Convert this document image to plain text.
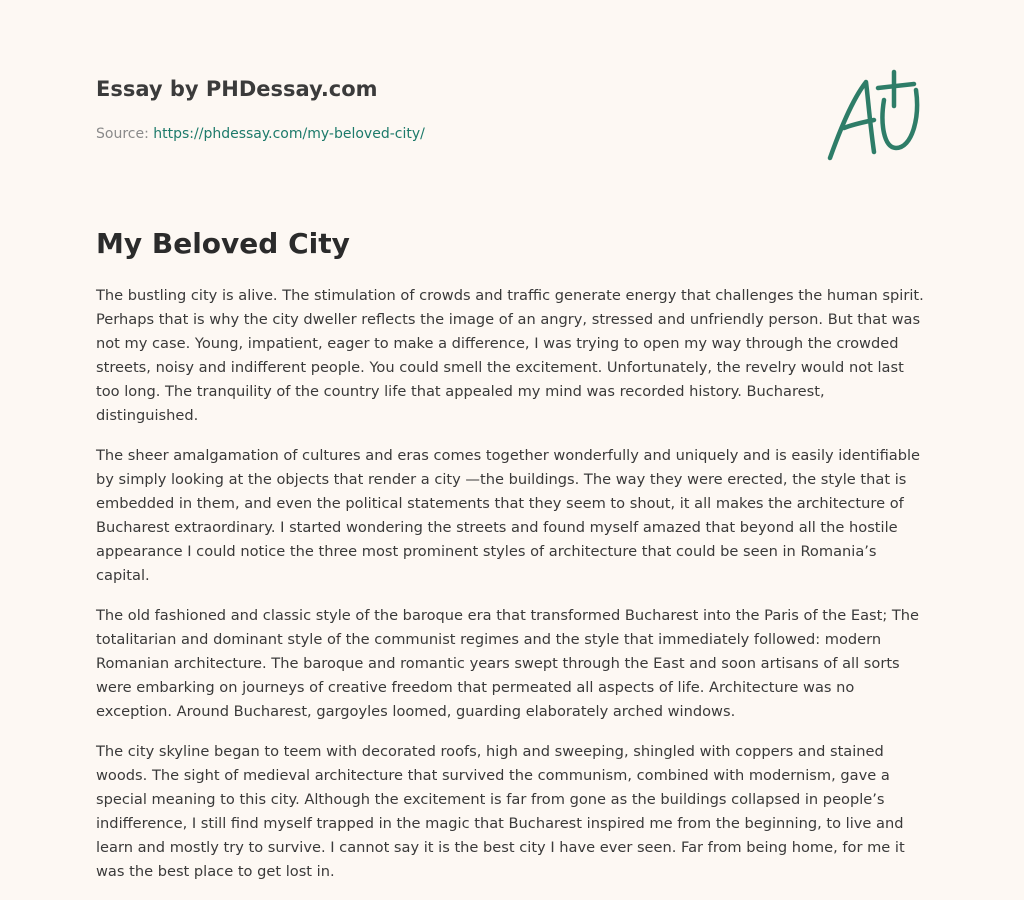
Essay by PHDessay.com
Source: https://phdessay.com/my-beloved-city/
My Beloved City

The bustling city is alive. The stimulation of crowds and traffic generate energy that challenges the human spirit. Perhaps that is why the city dweller reflects the image of an angry, stressed and unfriendly person. But that was not my case. Young, impatient, eager to make a difference, I was trying to open my way through the crowded streets, noisy and indifferent people. You could smell the excitement. Unfortunately, the revelry would not last too long. The tranquility of the country life that appealed my mind was recorded history. Bucharest, distinguished.

The sheer amalgamation of cultures and eras comes together wonderfully and uniquely and is easily identifiable by simply looking at the objects that render a city —the buildings. The way they were erected, the style that is embedded in them, and even the political statements that they seem to shout, it all makes the architecture of Bucharest extraordinary. I started wondering the streets and found myself amazed that beyond all the hostile appearance I could notice the three most prominent styles of architecture that could be seen in Romania’s capital.

The old fashioned and classic style of the baroque era that transformed Bucharest into the Paris of the East; The totalitarian and dominant style of the communist regimes and the style that immediately followed: modern Romanian architecture. The baroque and romantic years swept through the East and soon artisans of all sorts were embarking on journeys of creative freedom that permeated all aspects of life. Architecture was no exception. Around Bucharest, gargoyles loomed, guarding elaborately arched windows.

The city skyline began to teem with decorated roofs, high and sweeping, shingled with coppers and stained woods. The sight of medieval architecture that survived the communism, combined with modernism, gave a special meaning to this city. Although the excitement is far from gone as the buildings collapsed in people’s indifference, I still find myself trapped in the magic that Bucharest inspired me from the beginning, to live and learn and mostly try to survive. I cannot say it is the best city I have ever seen. Far from being home, for me it was the best place to get lost in.
